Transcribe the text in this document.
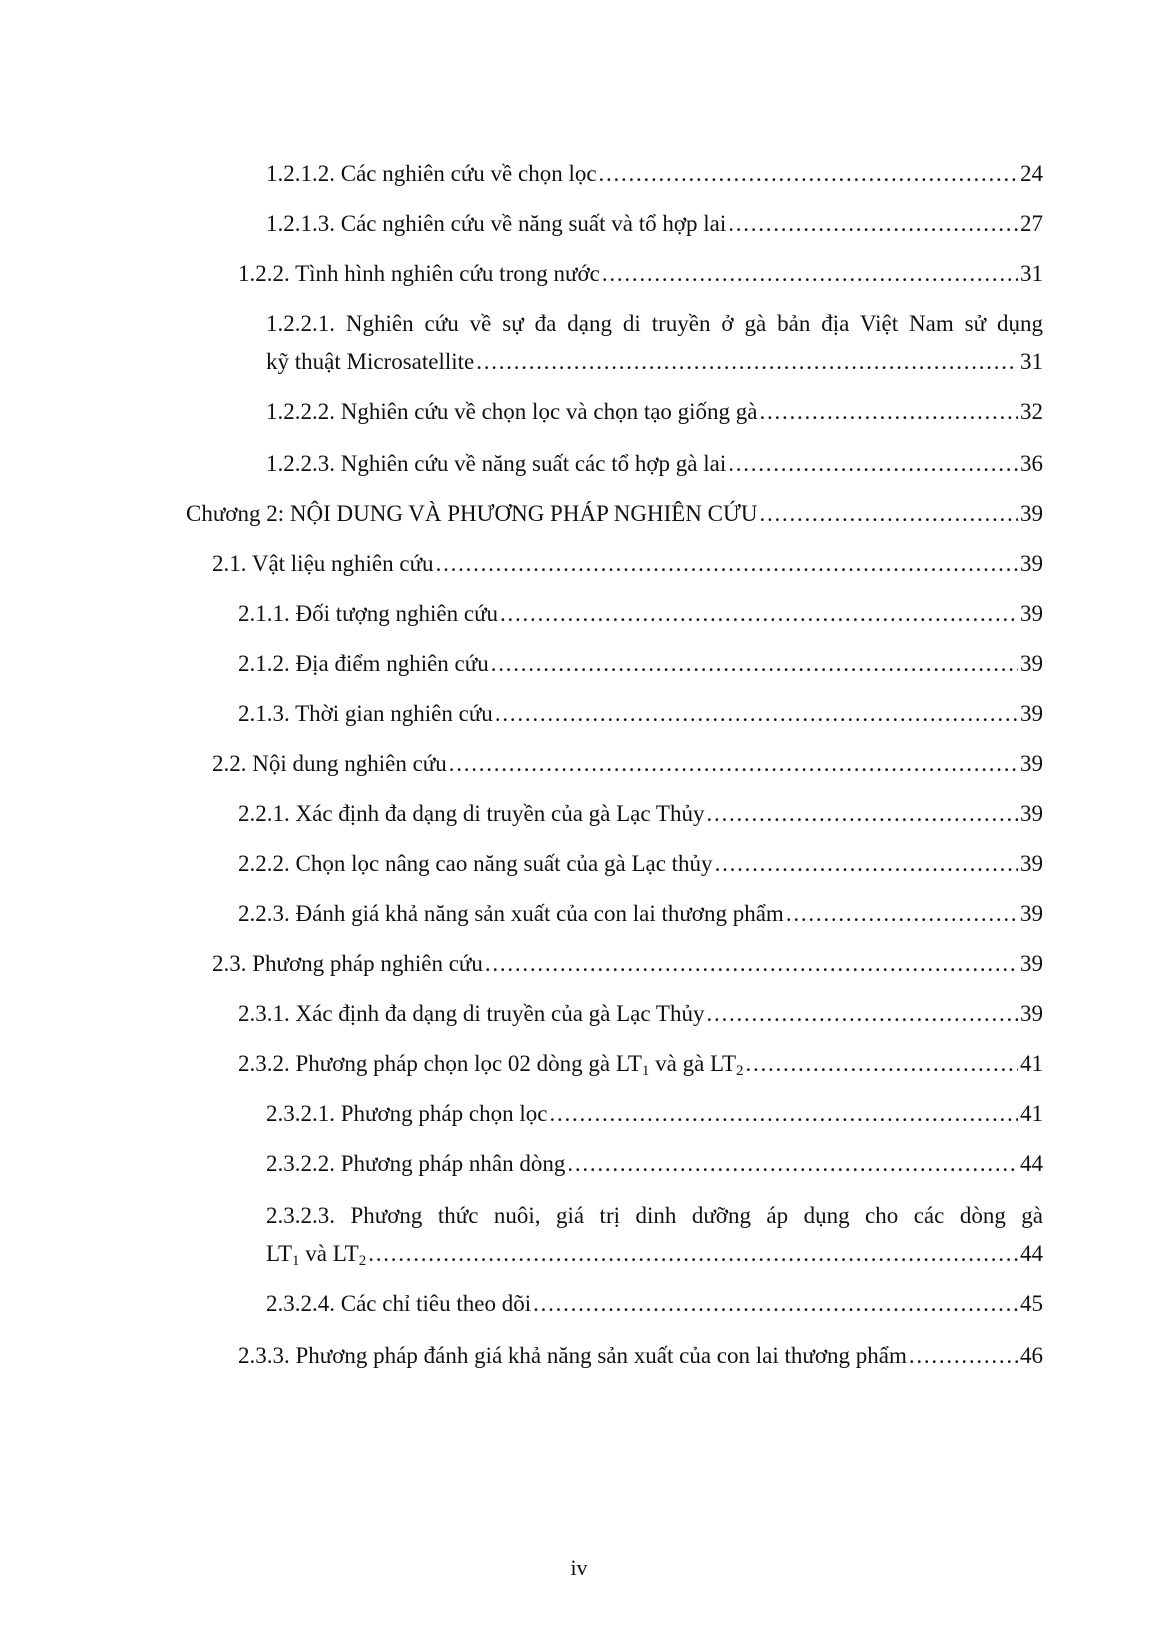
1.2.1.2. Các nghiên cứu về chọn lọc . . .	24
1.2.1.3. Các nghiên cứu về năng suất và tổ hợp lai . . .	27
1.2.2. Tình hình nghiên cứu trong nước . . .	31
1.2.2.1. Nghiên cứu về sự đa dạng di truyền ở gà bản địa Việt Nam sử dụng
kỹ thuật Microsatellite . . .	31
1.2.2.2. Nghiên cứu về chọn lọc và chọn tạo giống gà . . .	32
1.2.2.3. Nghiên cứu về năng suất các tổ hợp gà lai . . .	36
Chương 2: NỘI DUNG VÀ PHƯƠNG PHÁP NGHIÊN CỨU . . .	39
2.1. Vật liệu nghiên cứu . . .	39
2.1.1. Đối tượng nghiên cứu . . .	39
2.1.2. Địa điểm nghiên cứu . . .	39
2.1.3. Thời gian nghiên cứu . . .	39
2.2. Nội dung nghiên cứu . . .	39
2.2.1. Xác định đa dạng di truyền của gà Lạc Thủy . . .	39
2.2.2. Chọn lọc nâng cao năng suất của gà Lạc thủy . . .	39
2.2.3. Đánh giá khả năng sản xuất của con lai thương phẩm . . .	39
2.3. Phương pháp nghiên cứu . . .	39
2.3.1. Xác định đa dạng di truyền của gà Lạc Thủy . . .	39
2.3.2. Phương pháp chọn lọc 02 dòng gà $LT_1$ và gà $LT_2$ . . .	41
2.3.2.1. Phương pháp chọn lọc . . .	41
2.3.2.2. Phương pháp nhân dòng . . .	44
2.3.2.3. Phương thức nuôi, giá trị dinh dưỡng áp dụng cho các dòng gà
$LT_1$ và $LT_2$ . . .	44
2.3.2.4. Các chỉ tiêu theo dõi . . .	45
2.3.3. Phương pháp đánh giá khả năng sản xuất của con lai thương phẩm . . .	46
iv
